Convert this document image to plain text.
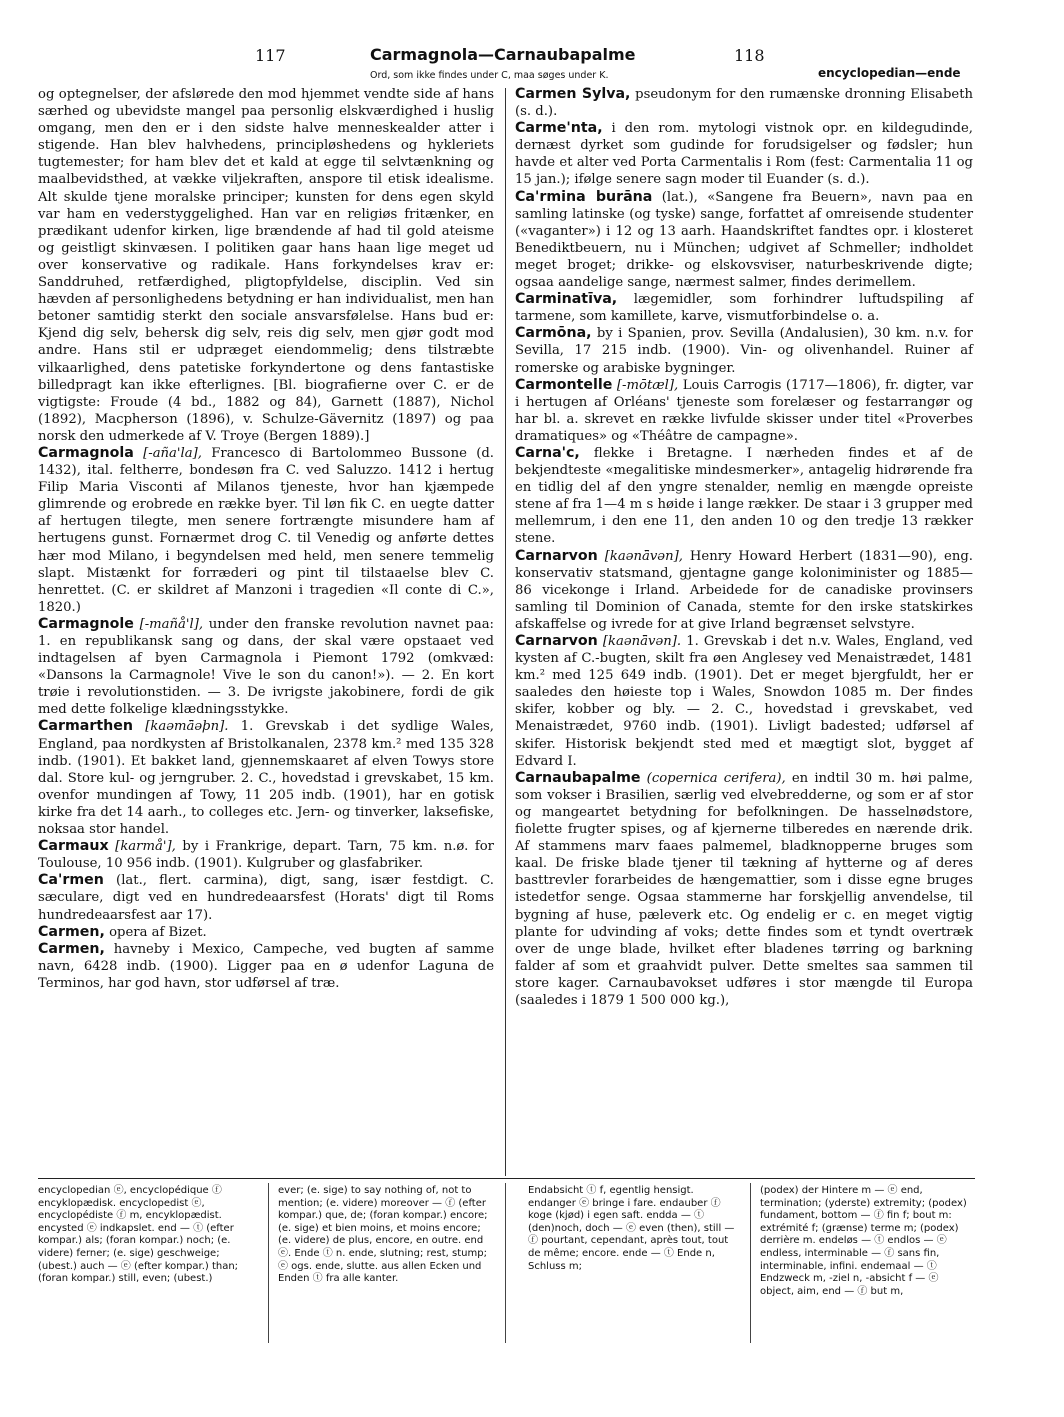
117	Carmagnola—Carnaubapalme	118
Ord, som ikke findes under C, maa søges under K.	encyclopedian—ende

og optegnelser, der afslørede den mod hjemmet vendte side af hans særhed og ubevidste mangel paa personlig elskværdighed i huslig omgang, men den er i den sidste halve menneskealder atter i stigende. Han blev halvhedens, principløshedens og hykleriets tugtemester; for ham blev det et kald at egge til selvtænkning og maalbevidsthed, at vække viljekraften, anspore til etisk idealisme. Alt skulde tjene moralske principer; kunsten for dens egen skyld var ham en vederstyggelighed. Han var en religiøs fritænker, en prædikant udenfor kirken, lige brændende af had til gold ateisme og geistligt skinvæsen. I politiken gaar hans haan lige meget ud over konservative og radikale. Hans forkyndelses krav er: Sanddruhed, retfærdighed, pligtopfyldelse, disciplin. Ved sin hævden af personlighedens betydning er han individualist, men han betoner samtidig sterkt den sociale ansvarsfølelse. Hans bud er: Kjend dig selv, behersk dig selv, reis dig selv, men gjør godt mod andre. Hans stil er udpræget eiendommelig; dens tilstræbte vilkaarlighed, dens patetiske forkyndertone og dens fantastiske billedpragt kan ikke efterlignes. [Bl. biografierne over C. er de vigtigste: Froude (4 bd., 1882 og 84), Garnett (1887), Nichol (1892), Macpherson (1896), v. Schulze-Gävernitz (1897) og paa norsk den udmerkede af V. Troye (Bergen 1889).]

Carmagnola [-aña'la], Francesco di Bartolommeo Bussone (d. 1432), ital. feltherre, bondesøn fra C. ved Saluzzo. 1412 i hertug Filip Maria Visconti af Milanos tjeneste, hvor han kjæmpede glimrende og erobrede en række byer. Til løn fik C. en uegte datter af hertugen tilegte, men senere fortrængte misundere ham af hertugens gunst. Fornærmet drog C. til Venedig og anførte dettes hær mod Milano, i begyndelsen med held, men senere temmelig slapt. Mistænkt for forræderi og pint til tilstaaelse blev C. henrettet. (C. er skildret af Manzoni i tragedien «Il conte di C.», 1820.)

Carmagnole [-mañå'l], under den franske revolution navnet paa: 1. en republikansk sang og dans, der skal være opstaaet ved indtagelsen af byen Carmagnola i Piemont 1792 (omkvæd: «Dansons la Carmagnole! Vive le son du canon!»). — 2. En kort trøie i revolutionstiden. — 3. De ivrigste jakobinere, fordi de gik med dette folkelige klædningsstykke.

Carmarthen [kaəmā̈əþn]. 1. Grevskab i det sydlige Wales, England, paa nordkysten af Bristolkanalen, 2378 km.² med 135 328 indb. (1901). Et bakket land, gjennemskaaret af elven Towys store dal. Store kul- og jerngruber. 2. C., hovedstad i grevskabet, 15 km. ovenfor mundingen af Towy, 11 205 indb. (1901), har en gotisk kirke fra det 14 aarh., to colleges etc. Jern- og tinverker, laksefiske, noksaa stor handel.

Carmaux [karmå'], by i Frankrige, depart. Tarn, 75 km. n.ø. for Toulouse, 10 956 indb. (1901). Kulgruber og glasfabriker.

Ca'rmen (lat., flert. carmina), digt, sang, især festdigt. C. sæculare, digt ved en hundredeaarsfest (Horats' digt til Roms hundredeaarsfest aar 17).

Carmen, opera af Bizet.

Carmen, havneby i Mexico, Campeche, ved bugten af samme navn, 6428 indb. (1900). Ligger paa en ø udenfor Laguna de Terminos, har god havn, stor udførsel af træ.

Carmen Sylva, pseudonym for den rumænske dronning Elisabeth (s. d.).

Carme'nta, i den rom. mytologi vistnok opr. en kildegudinde, dernæst dyrket som gudinde for forudsigelser og fødsler; hun havde et alter ved Porta Carmentalis i Rom (fest: Carmentalia 11 og 15 jan.); ifølge senere sagn moder til Euander (s. d.).

Ca'rmina burāna (lat.), «Sangene fra Beuern», navn paa en samling latinske (og tyske) sange, forfattet af omreisende studenter («vaganter») i 12 og 13 aarh. Haandskriftet fandtes opr. i klosteret Benediktbeuern, nu i München; udgivet af Schmeller; indholdet meget broget; drikke- og elskovsviser, naturbeskrivende digte; ogsaa aandelige sange, nærmest salmer, findes derimellem.

Carminatīva, lægemidler, som forhindrer luftudspiling af tarmene, som kamillete, karve, vismutforbindelse o. a.

Carmōna, by i Spanien, prov. Sevilla (Andalusien), 30 km. n.v. for Sevilla, 17 215 indb. (1900). Vin- og olivenhandel. Ruiner af romerske og arabiske bygninger.

Carmontelle [-mōtæl], Louis Carrogis (1717—1806), fr. digter, var i hertugen af Orléans' tjeneste som forelæser og festarrangør og har bl. a. skrevet en række livfulde skisser under titel «Proverbes dramatiques» og «Théâtre de campagne».

Carna'c, flekke i Bretagne. I nærheden findes et af de bekjendteste «megalitiske mindesmerker», antagelig hidrørende fra en tidlig del af den yngre stenalder, nemlig en mængde opreiste stene af fra 1—4 m s høide i lange rækker. De staar i 3 grupper med mellemrum, i den ene 11, den anden 10 og den tredje 13 rækker stene.

Carnarvon [kaənā̈vən], Henry Howard Herbert (1831—90), eng. konservativ statsmand, gjentagne gange koloniminister og 1885—86 vicekonge i Irland. Arbeidede for de canadiske provinsers samling til Dominion of Canada, stemte for den irske statskirkes afskaffelse og ivrede for at give Irland begrænset selvstyre.

Carnarvon [kaənā̈vən]. 1. Grevskab i det n.v. Wales, England, ved kysten af C.-bugten, skilt fra øen Anglesey ved Menaistrædet, 1481 km.² med 125 649 indb. (1901). Det er meget bjergfuldt, her er saaledes den høieste top i Wales, Snowdon 1085 m. Der findes skifer, kobber og bly. — 2. C., hovedstad i grevskabet, ved Menaistrædet, 9760 indb. (1901). Livligt badested; udførsel af skifer. Historisk bekjendt sted med et mægtigt slot, bygget af Edvard I.

Carnaubapalme (copernica cerifera), en indtil 30 m. høi palme, som vokser i Brasilien, særlig ved elvebredderne, og som er af stor og mangeartet betydning for befolkningen. De hasselnødstore, fiolette frugter spises, og af kjernerne tilberedes en nærende drik. Af stammens marv faaes palmemel, bladknopperne bruges som kaal. De friske blade tjener til tækning af hytterne og af deres basttrevler forarbeides de hængemattier, som i disse egne bruges istedetfor senge. Ogsaa stammerne har forskjellig anvendelse, til bygning af huse, pæleverk etc. Og endelig er c. en meget vigtig plante for udvinding af voks; dette findes som et tyndt overtræk over de unge blade, hvilket efter bladenes tørring og barkning falder af som et graahvidt pulver. Dette smeltes saa sammen til store kager. Carnaubavokset udføres i stor mængde til Europa (saaledes i 1879 1 500 000 kg.),

encyclopedian ⓔ, encyclopédique ⓕ encyklopædisk. encyclopedist ⓔ, encyclopédiste ⓕ m, encyklopædist. encysted ⓔ indkapslet. end — ⓣ (efter kompar.) als; (foran kompar.) noch; (e. videre) ferner; (e. sige) geschweige; (ubest.) auch — ⓔ (efter kompar.) than; (foran kompar.) still, even; (ubest.)
ever; (e. sige) to say nothing of, not to mention; (e. videre) moreover — ⓕ (efter kompar.) que, de; (foran kompar.) encore; (e. sige) et bien moins, et moins encore; (e. videre) de plus, encore, en outre. end ⓔ. Ende ⓣ n. ende, slutning; rest, stump; ⓔ ogs. ende, slutte. aus allen Ecken und Enden ⓣ fra alle kanter.
Endabsicht ⓣ f, egentlig hensigt. endanger ⓔ bringe i fare. endauber ⓕ koge (kjød) i egen saft. endda — ⓣ (den)noch, doch — ⓔ even (then), still — ⓕ pourtant, cependant, après tout, tout de même; encore. ende — ⓣ Ende n, Schluss m;
(podex) der Hintere m — ⓔ end, termination; (yderste) extremity; (podex) fundament, bottom — ⓕ fin f; bout m: extrémité f; (grænse) terme m; (podex) derrière m. endeløs — ⓣ endlos — ⓔ endless, interminable — ⓕ sans fin, interminable, infini. endemaal — ⓣ Endzweck m, -ziel n, -absicht f — ⓔ object, aim, end — ⓕ but m,
